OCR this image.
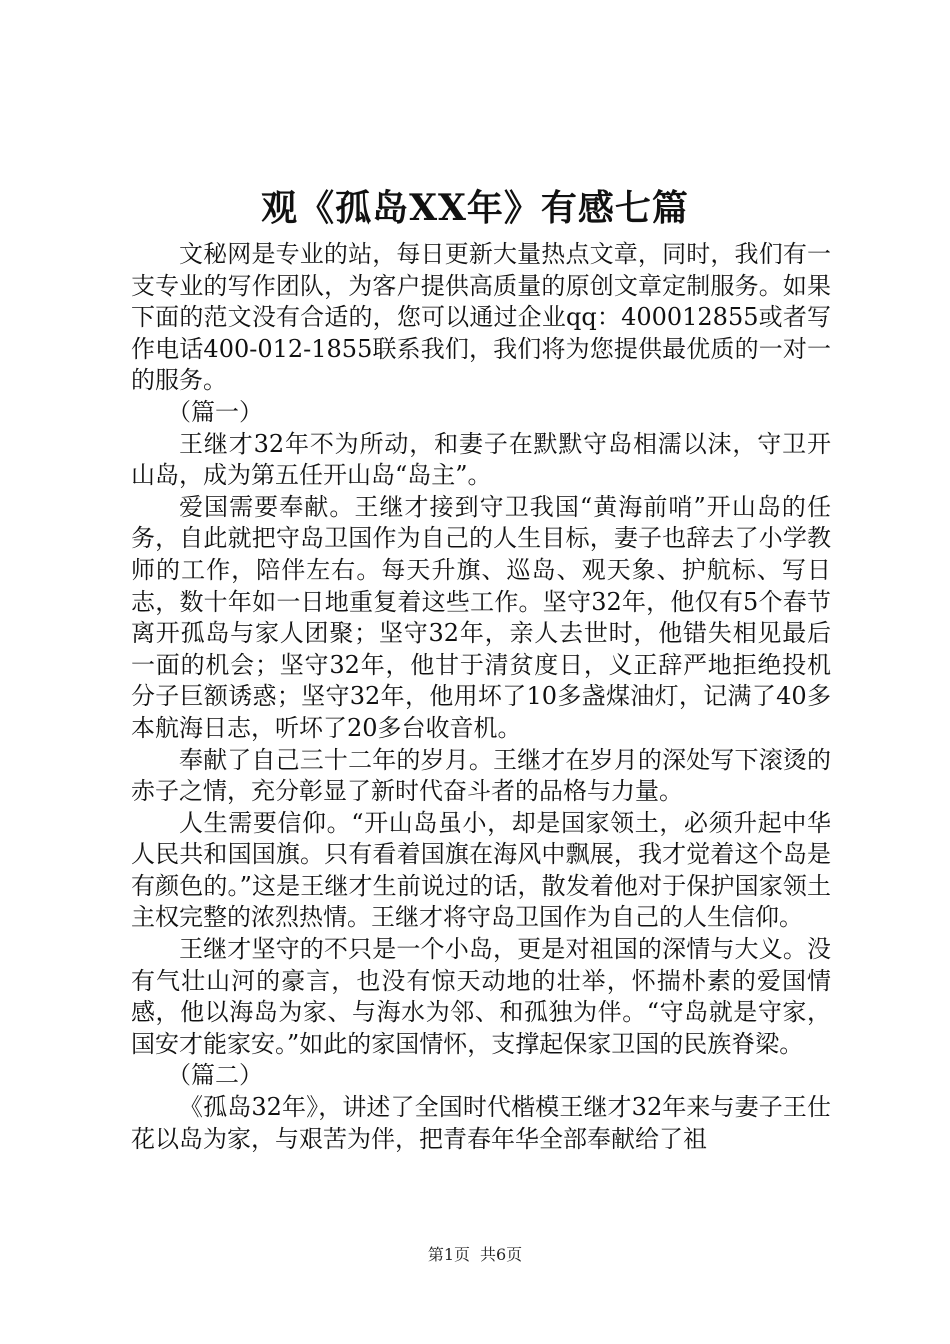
观《孤岛XX年》有感七篇

文秘网是专业的站，每日更新大量热点文章，同时，我们有一支专业的写作团队，为客户提供高质量的原创文章定制服务。如果下面的范文没有合适的，您可以通过企业qq：400012855或者写作电话400-012-1855联系我们，我们将为您提供最优质的一对一的服务。

（篇一）

王继才32年不为所动，和妻子在默默守岛相濡以沫，守卫开山岛，成为第五任开山岛“岛主”。

爱国需要奉献。王继才接到守卫我国“黄海前哨”开山岛的任务，自此就把守岛卫国作为自己的人生目标，妻子也辞去了小学教师的工作，陪伴左右。每天升旗、巡岛、观天象、护航标、写日志，数十年如一日地重复着这些工作。坚守32年，他仅有5个春节离开孤岛与家人团聚；坚守32年，亲人去世时，他错失相见最后一面的机会；坚守32年，他甘于清贫度日，义正辞严地拒绝投机分子巨额诱惑；坚守32年，他用坏了10多盏煤油灯，记满了40多本航海日志，听坏了20多台收音机。

奉献了自己三十二年的岁月。王继才在岁月的深处写下滚烫的赤子之情，充分彰显了新时代奋斗者的品格与力量。

人生需要信仰。“开山岛虽小，却是国家领土，必须升起中华人民共和国国旗。只有看着国旗在海风中飘展，我才觉着这个岛是有颜色的。”这是王继才生前说过的话，散发着他对于保护国家领土主权完整的浓烈热情。王继才将守岛卫国作为自己的人生信仰。

王继才坚守的不只是一个小岛，更是对祖国的深情与大义。没有气壮山河的豪言，也没有惊天动地的壮举，怀揣朴素的爱国情感，他以海岛为家、与海水为邻、和孤独为伴。“守岛就是守家，国安才能家安。”如此的家国情怀，支撑起保家卫国的民族脊梁。

（篇二）

《孤岛32年》，讲述了全国时代楷模王继才32年来与妻子王仕花以岛为家，与艰苦为伴，把青春年华全部奉献给了祖

第1页 共6页
